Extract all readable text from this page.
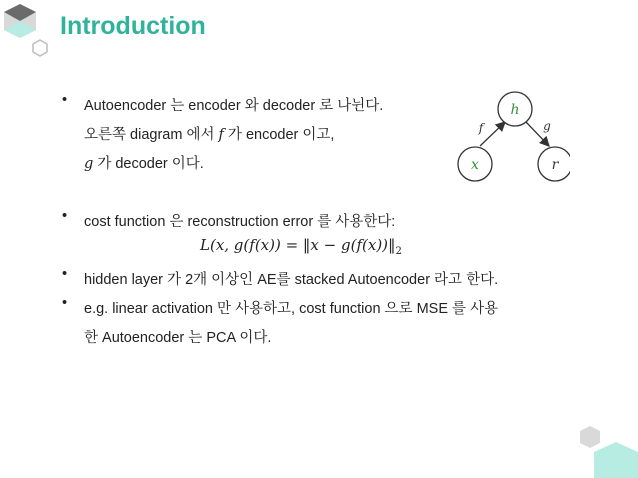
Introduction
• Autoencoder 는 encoder 와 decoder 로 나뉜다.
오른쪽 diagram 에서 f 가 encoder 이고,
g 가 decoder 이다.
• cost function 은 reconstruction error 를 사용한다:
• hidden layer 가 2개 이상인 AE를 stacked Autoencoder 라고 한다.
• e.g. linear activation 만 사용하고, cost function 으로 MSE 를 사용
한 Autoencoder 는 PCA 이다.
L(x, g(f(x)) = ‖x − $g(f(x))‖_2$
h
x	r
f	g
